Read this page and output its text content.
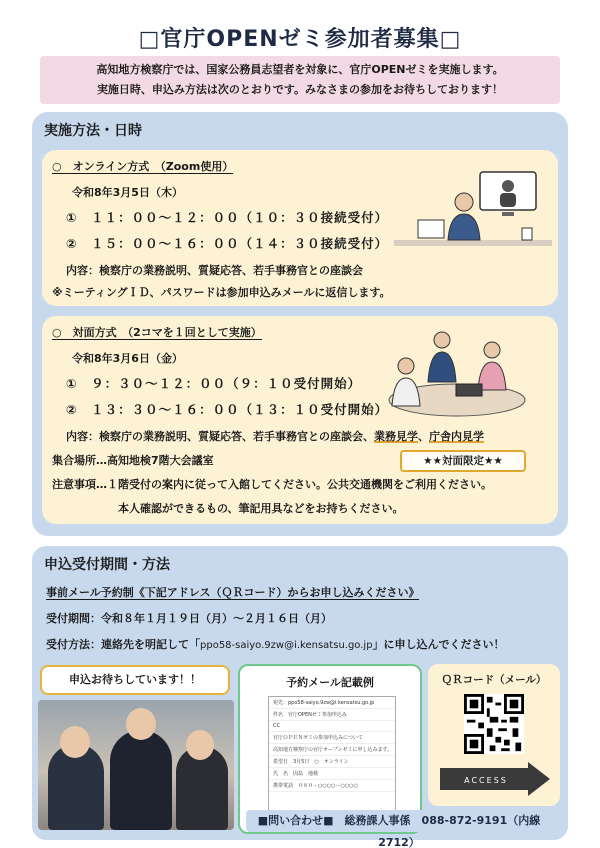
□官庁OPENゼミ参加者募集□
高知地方検察庁では、国家公務員志望者を対象に、官庁OPENゼミを実施します。
実施日時、申込み方法は次のとおりです。みなさまの参加をお待ちしております！
実施方法・日時
○　オンライン方式　（Zoom使用）
令和8年3月5日（木）
①　１１：００～１２：００（１０：３０接続受付）
②　１５：００～１６：００（１４：３０接続受付）
内容：検察庁の業務説明、質疑応答、若手事務官との座談会
※ミーティングＩＤ、パスワードは参加申込みメールに返信します。
○　対面方式　（2コマを１回として実施）
令和8年3月6日（金）
①　９：３０～１２：００（９：１０受付開始）
②　１３：３０～１６：００（１３：１０受付開始）
内容：検察庁の業務説明、質疑応答、若手事務官との座談会、業務見学、庁舎内見学
集合場所…高知地検7階大会議室
注意事項…１階受付の案内に従って入館してください。公共交通機関をご利用ください。
本人確認ができるもの、筆記用具などをお持ちください。
★★対面限定★★
申込受付期間・方法
事前メール予約制《下記アドレス（ＱＲコード）からお申し込みください》
受付期間：令和８年１月１９日（月）～２月１６日（月）
受付方法：連絡先を明記して「ppo58-saiyo.9zw@i.kensatsu.go.jp」に申し込んでください！
申込お待ちしています！！	予約メール記載例
宛先：ppo58-saiyo.9zw@i.kensatsu.go.jp
件名　官庁OPENゼミ参加申込み
CC
官庁ＯＰＥＮゼミの参加申込みについて
高知地方検察庁の官庁オープンゼミに申し込みます。
希望日　3月5日　○　オンライン
氏　名　因島　地検
携帯電話　０８０－○○○○－○○○○
ＱＲコード（メール）
ACCESS
■問い合わせ■　総務課人事係　088-872-9191（内線2712）
